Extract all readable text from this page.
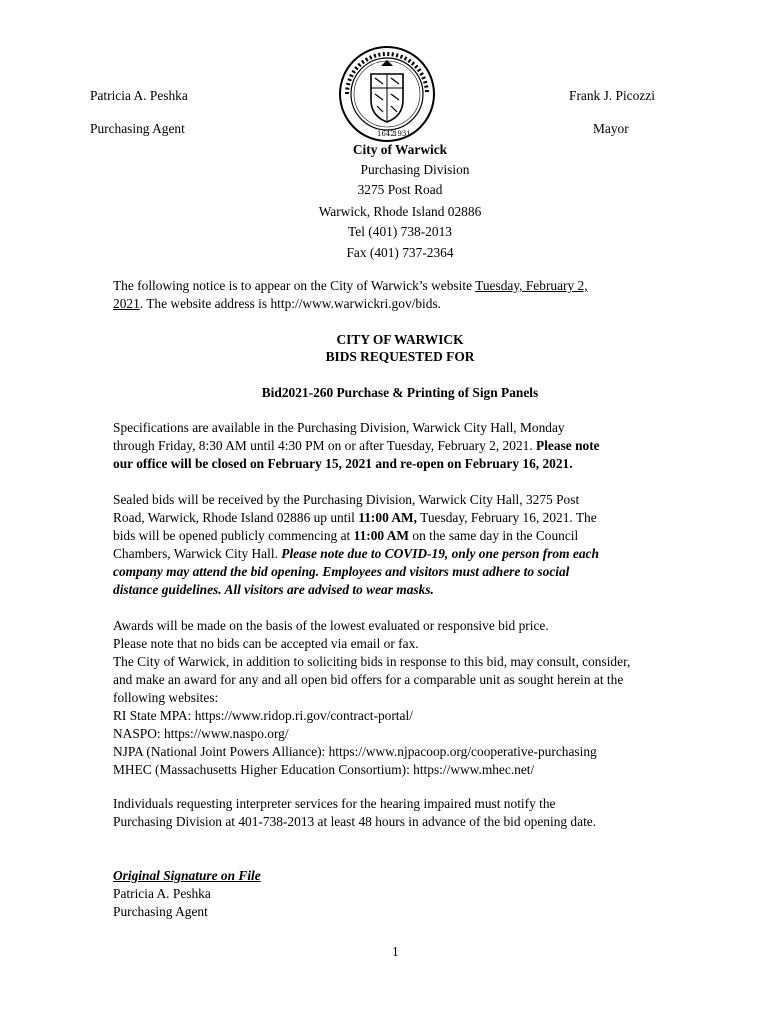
1642
1931
Patricia A. Peshka
Purchasing Agent
Frank J. Picozzi
Mayor
City of Warwick
Purchasing Division
3275 Post Road
Warwick, Rhode Island 02886
Tel (401) 738-2013
Fax (401) 737-2364
The following notice is to appear on the City of Warwick’s website Tuesday, February 2,
2021. The website address is http://www.warwickri.gov/bids.
CITY OF WARWICK
BIDS REQUESTED FOR
Bid2021-260 Purchase & Printing of Sign Panels
Specifications are available in the Purchasing Division, Warwick City Hall, Monday
through Friday, 8:30 AM until 4:30 PM on or after Tuesday, February 2, 2021. Please note
our office will be closed on February 15, 2021 and re-open on February 16, 2021.
Sealed bids will be received by the Purchasing Division, Warwick City Hall, 3275 Post
Road, Warwick, Rhode Island 02886 up until 11:00 AM, Tuesday, February 16, 2021. The
bids will be opened publicly commencing at 11:00 AM on the same day in the Council
Chambers, Warwick City Hall. Please note due to COVID-19, only one person from each
company may attend the bid opening. Employees and visitors must adhere to social
distance guidelines. All visitors are advised to wear masks.
Awards will be made on the basis of the lowest evaluated or responsive bid price.
Please note that no bids can be accepted via email or fax.
The City of Warwick, in addition to soliciting bids in response to this bid, may consult, consider,
and make an award for any and all open bid offers for a comparable unit as sought herein at the
following websites:
RI State MPA: https://www.ridop.ri.gov/contract-portal/
NASPO: https://www.naspo.org/
NJPA (National Joint Powers Alliance): https://www.njpacoop.org/cooperative-purchasing
MHEC (Massachusetts Higher Education Consortium): https://www.mhec.net/
Individuals requesting interpreter services for the hearing impaired must notify the
Purchasing Division at 401-738-2013 at least 48 hours in advance of the bid opening date.
Original Signature on File
Patricia A. Peshka
Purchasing Agent
1
